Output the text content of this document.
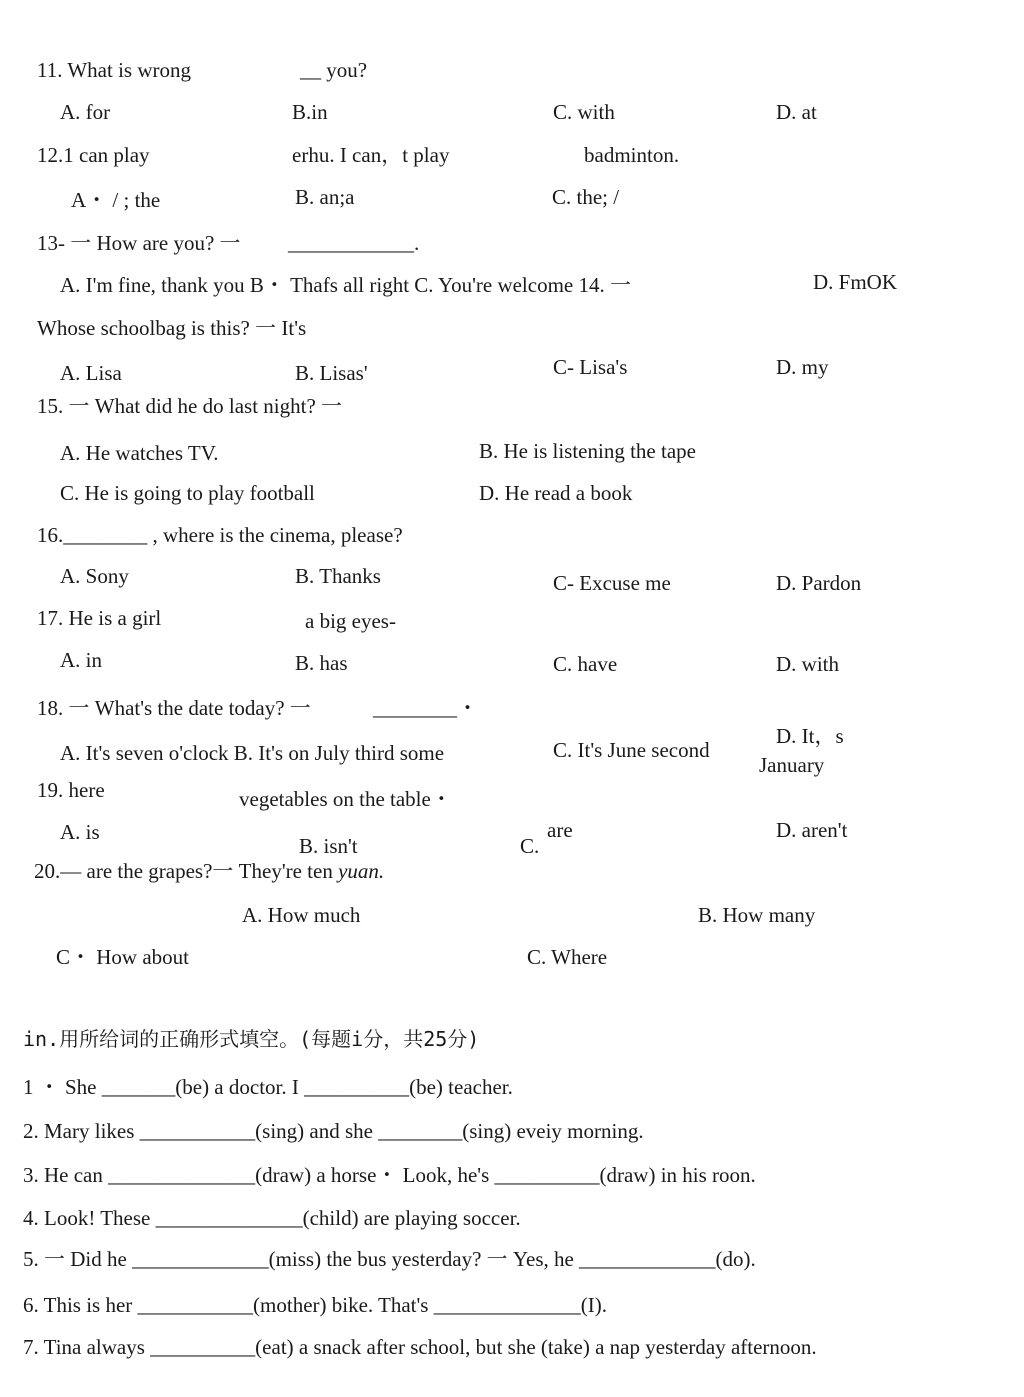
11. What is wrong	__ you?
A. for	B.in	C. with	D. at
12.1 can play	erhu. I can，t play	badminton.
A・ / ; the	B. an;a	C. the; /
13- 一 How are you? 一 ____________.
A. I'm fine, thank you B・ Thafs all right C. You're welcome 14. 一	D. FmOK
Whose schoolbag is this? 一 It's
A. Lisa	B. Lisas'	C- Lisa's	D. my
15. 一 What did he do last night? 一
A. He watches TV.	B. He is listening the tape
C. He is going to play football	D. He read a book
16.________ , where is the cinema, please?
A. Sony	B. Thanks	C- Excuse me	D. Pardon
17. He is a girl	a big eyes-
A. in	B. has	C. have	D. with
18. 一 What's the date today? 一	________・
A. It's seven o'clock B. It's on July third some	C. It's June second
D. It，s
January
19. here	vegetables on the table・
A. is
B. isn't	C.
are	D. aren't
20.— are the grapes?一 They're ten yuan.
A. How much	B. How many
C・ How about	C. Where
in.用所给词的正确形式填空。(每题i分，共25分)
1 ・ She _______(be) a doctor. I __________(be) teacher.
2. Mary likes ___________(sing) and she ________(sing) eveiy morning.
3. He can ______________(draw) a horse・ Look, he's __________(draw) in his roon.
4. Look! These ______________(child) are playing soccer.
5. 一 Did he _____________(miss) the bus yesterday? 一 Yes, he _____________(do).
6. This is her ___________(mother) bike. That's ______________(I).
7. Tina always __________(eat) a snack after school, but she (take) a nap yesterday afternoon.
